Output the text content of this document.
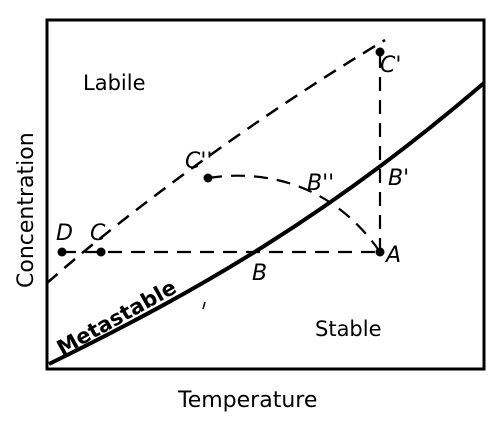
Labile
Stable
Metastable
D C
C''
B'' B'
C'
A
B
Temperature
Concentration
